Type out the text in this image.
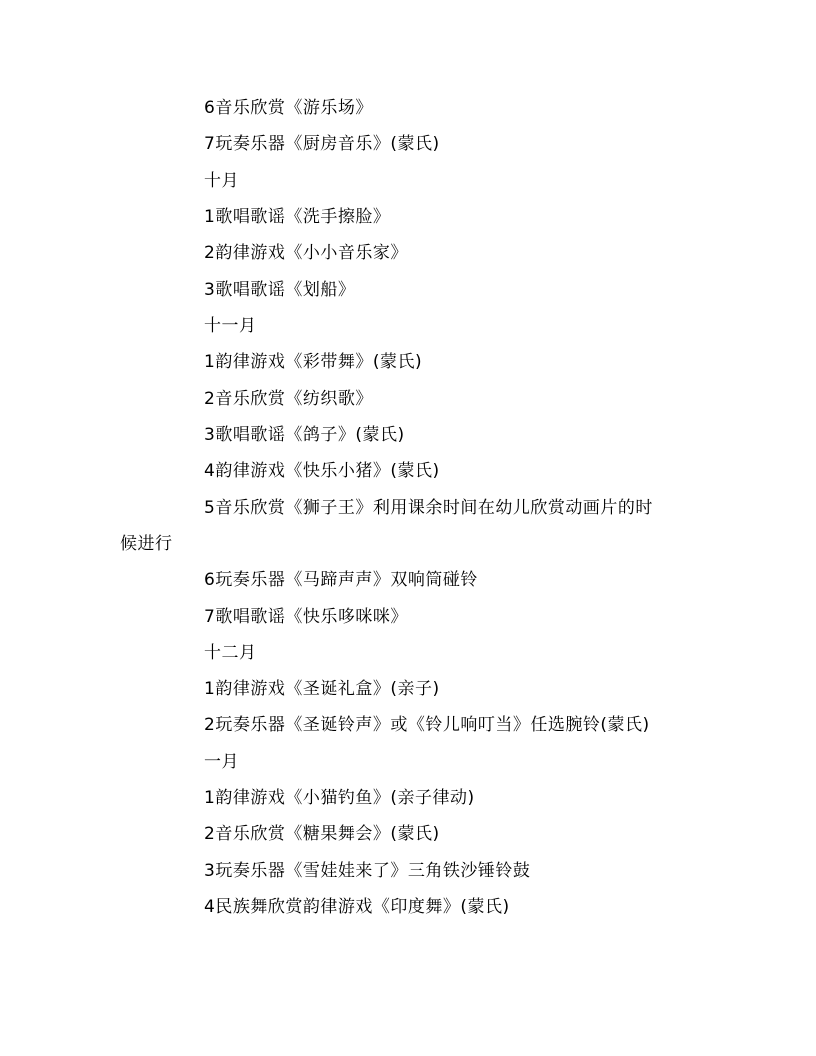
6音乐欣赏《游乐场》
7玩奏乐器《厨房音乐》(蒙氏)
十月
1歌唱歌谣《洗手擦脸》
2韵律游戏《小小音乐家》
3歌唱歌谣《划船》
十一月
1韵律游戏《彩带舞》(蒙氏)
2音乐欣赏《纺织歌》
3歌唱歌谣《鸽子》(蒙氏)
4韵律游戏《快乐小猪》(蒙氏)
5音乐欣赏《狮子王》利用课余时间在幼儿欣赏动画片的时
候进行
6玩奏乐器《马蹄声声》双响筒碰铃
7歌唱歌谣《快乐哆咪咪》
十二月
1韵律游戏《圣诞礼盒》(亲子)
2玩奏乐器《圣诞铃声》或《铃儿响叮当》任选腕铃(蒙氏)
一月
1韵律游戏《小猫钓鱼》(亲子律动)
2音乐欣赏《糖果舞会》(蒙氏)
3玩奏乐器《雪娃娃来了》三角铁沙锤铃鼓
4民族舞欣赏韵律游戏《印度舞》(蒙氏)
